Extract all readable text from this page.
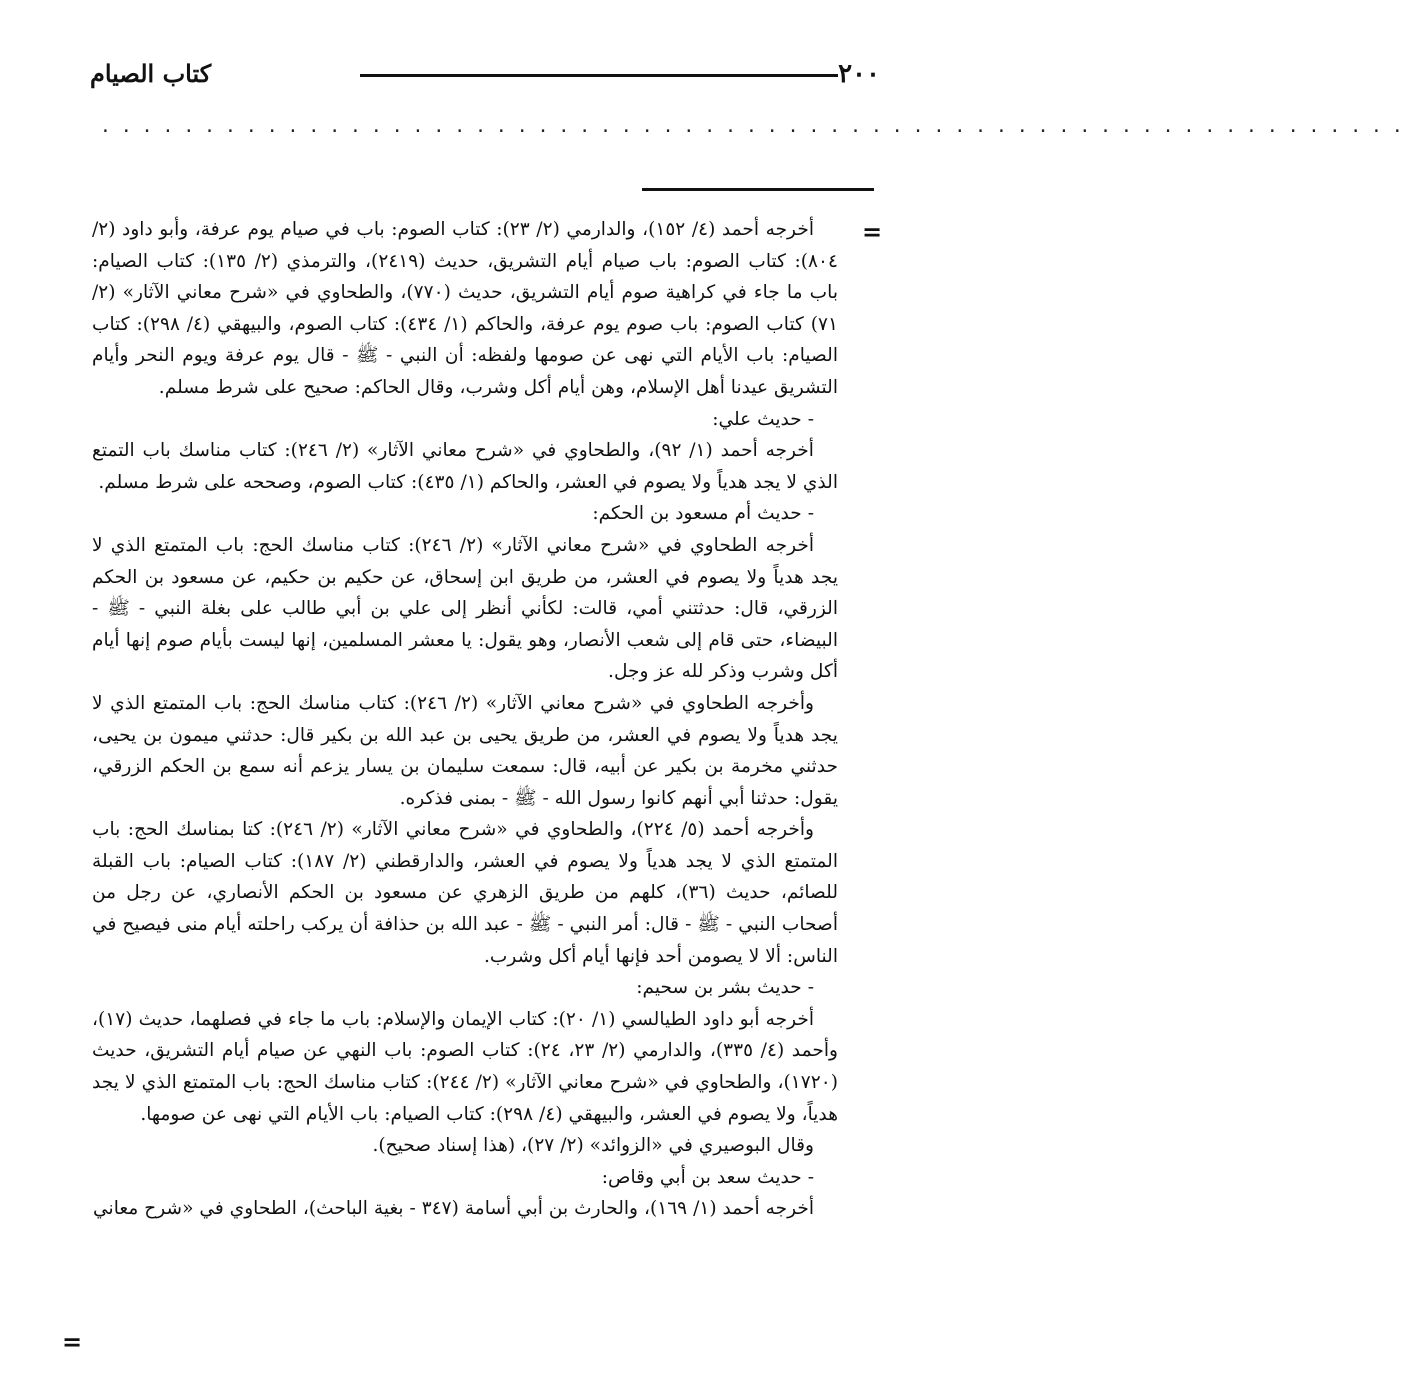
٢٠٠
كتاب الصيام
...............................................................
=

أخرجه أحمد (٤/ ١٥٢)، والدارمي (٢/ ٢٣): كتاب الصوم: باب في صيام يوم عرفة، وأبو داود (٢/ ٨٠٤): كتاب الصوم: باب صيام أيام التشريق، حديث (٢٤١٩)، والترمذي (٢/ ١٣٥): كتاب الصيام: باب ما جاء في كراهية صوم أيام التشريق، حديث (٧٧٠)، والطحاوي في «شرح معاني الآثار» (٢/ ٧١) كتاب الصوم: باب صوم يوم عرفة، والحاكم (١/ ٤٣٤): كتاب الصوم، والبيهقي (٤/ ٢٩٨): كتاب الصيام: باب الأيام التي نهى عن صومها ولفظه: أن النبي - ﷺ - قال يوم عرفة ويوم النحر وأيام التشريق عيدنا أهل الإسلام، وهن أيام أكل وشرب، وقال الحاكم: صحيح على شرط مسلم.

- حديث علي:

أخرجه أحمد (١/ ٩٢)، والطحاوي في «شرح معاني الآثار» (٢/ ٢٤٦): كتاب مناسك باب التمتع الذي لا يجد هدياً ولا يصوم في العشر، والحاكم (١/ ٤٣٥): كتاب الصوم، وصححه على شرط مسلم.

- حديث أم مسعود بن الحكم:

أخرجه الطحاوي في «شرح معاني الآثار» (٢/ ٢٤٦): كتاب مناسك الحج: باب المتمتع الذي لا يجد هدياً ولا يصوم في العشر، من طريق ابن إسحاق، عن حكيم بن حكيم، عن مسعود بن الحكم الزرقي، قال: حدثتني أمي، قالت: لكأني أنظر إلى علي بن أبي طالب على بغلة النبي - ﷺ - البيضاء، حتى قام إلى شعب الأنصار، وهو يقول: يا معشر المسلمين، إنها ليست بأيام صوم إنها أيام أكل وشرب وذكر لله عز وجل.

وأخرجه الطحاوي في «شرح معاني الآثار» (٢/ ٢٤٦): كتاب مناسك الحج: باب المتمتع الذي لا يجد هدياً ولا يصوم في العشر، من طريق يحيى بن عبد الله بن بكير قال: حدثني ميمون بن يحيى، حدثني مخرمة بن بكير عن أبيه، قال: سمعت سليمان بن يسار يزعم أنه سمع بن الحكم الزرقي، يقول: حدثنا أبي أنهم كانوا رسول الله - ﷺ - بمنى فذكره.

وأخرجه أحمد (٥/ ٢٢٤)، والطحاوي في «شرح معاني الآثار» (٢/ ٢٤٦): كتا بمناسك الحج: باب المتمتع الذي لا يجد هدياً ولا يصوم في العشر، والدارقطني (٢/ ١٨٧): كتاب الصيام: باب القبلة للصائم، حديث (٣٦)، كلهم من طريق الزهري عن مسعود بن الحكم الأنصاري، عن رجل من أصحاب النبي - ﷺ - قال: أمر النبي - ﷺ - عبد الله بن حذافة أن يركب راحلته أيام منى فيصيح في الناس: ألا لا يصومن أحد فإنها أيام أكل وشرب.

- حديث بشر بن سحيم:

أخرجه أبو داود الطيالسي (١/ ٢٠): كتاب الإيمان والإسلام: باب ما جاء في فصلهما، حديث (١٧)، وأحمد (٤/ ٣٣٥)، والدارمي (٢/ ٢٣، ٢٤): كتاب الصوم: باب النهي عن صيام أيام التشريق، حديث (١٧٢٠)، والطحاوي في «شرح معاني الآثار» (٢/ ٢٤٤): كتاب مناسك الحج: باب المتمتع الذي لا يجد هدياً، ولا يصوم في العشر، والبيهقي (٤/ ٢٩٨): كتاب الصيام: باب الأيام التي نهى عن صومها.

وقال البوصيري في «الزوائد» (٢/ ٢٧)، (هذا إسناد صحيح).

- حديث سعد بن أبي وقاص:

أخرجه أحمد (١/ ١٦٩)، والحارث بن أبي أسامة (٣٤٧ - بغية الباحث)، الطحاوي في «شرح معاني

=
